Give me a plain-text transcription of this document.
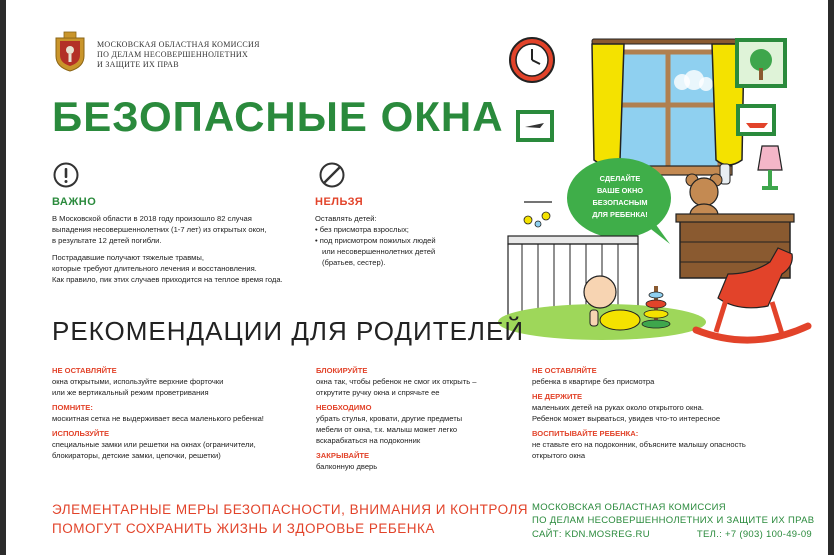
МОСКОВСКАЯ ОБЛАСТНАЯ КОМИССИЯ
ПО ДЕЛАМ НЕСОВЕРШЕННОЛЕТНИХ
И ЗАЩИТЕ ИХ ПРАВ
БЕЗОПАСНЫЕ ОКНА
ВАЖНО
В Московской области в 2018 году произошло 82 случая
выпадения несовершеннолетних (1-7 лет) из открытых окон,
в результате 12 детей погибли.
Пострадавшие получают тяжелые травмы,
которые требуют длительного лечения и восстановления.
Как правило, пик этих случаев приходится на теплое время года.
НЕЛЬЗЯ
Оставлять детей:
• без присмотра взрослых;
• под присмотром пожилых людей
или несовершеннолетних детей
(братьев, сестер).
СДЕЛАЙТЕ
ВАШЕ ОКНО
БЕЗОПАСНЫМ
ДЛЯ РЕБЕНКА!
РЕКОМЕНДАЦИИ ДЛЯ РОДИТЕЛЕЙ
НЕ ОСТАВЛЯЙТЕ
окна открытыми, используйте верхние форточки
или же вертикальный режим проветривания
ПОМНИТЕ:
москитная сетка не выдерживает веса маленького ребенка!
ИСПОЛЬЗУЙТЕ
специальные замки или решетки на окнах (ограничители,
блокираторы, детские замки, цепочки, решетки)
БЛОКИРУЙТЕ
окна так, чтобы ребенок не смог их открыть –
открутите ручку окна и спрячьте ее
НЕОБХОДИМО
убрать стулья, кровати, другие предметы
мебели от окна, т.к. малыш может легко
вскарабкаться на подоконник
ЗАКРЫВАЙТЕ
балконную дверь
НЕ ОСТАВЛЯЙТЕ
ребенка в квартире без присмотра
НЕ ДЕРЖИТЕ
маленьких детей на руках около открытого окна.
Ребенок может вырваться, увидев что-то интересное
ВОСПИТЫВАЙТЕ РЕБЕНКА:
не ставьте его на подоконник, объясните малышу опасность
открытого окна
ЭЛЕМЕНТАРНЫЕ МЕРЫ БЕЗОПАСНОСТИ, ВНИМАНИЯ И КОНТРОЛЯ
ПОМОГУТ СОХРАНИТЬ ЖИЗНЬ И ЗДОРОВЬЕ РЕБЕНКА
МОСКОВСКАЯ ОБЛАСТНАЯ КОМИССИЯ
ПО ДЕЛАМ НЕСОВЕРШЕННОЛЕТНИХ И ЗАЩИТЕ ИХ ПРАВ
САЙТ: KDN.MOSREG.RU	ТЕЛ.: +7 (903) 100-49-09
